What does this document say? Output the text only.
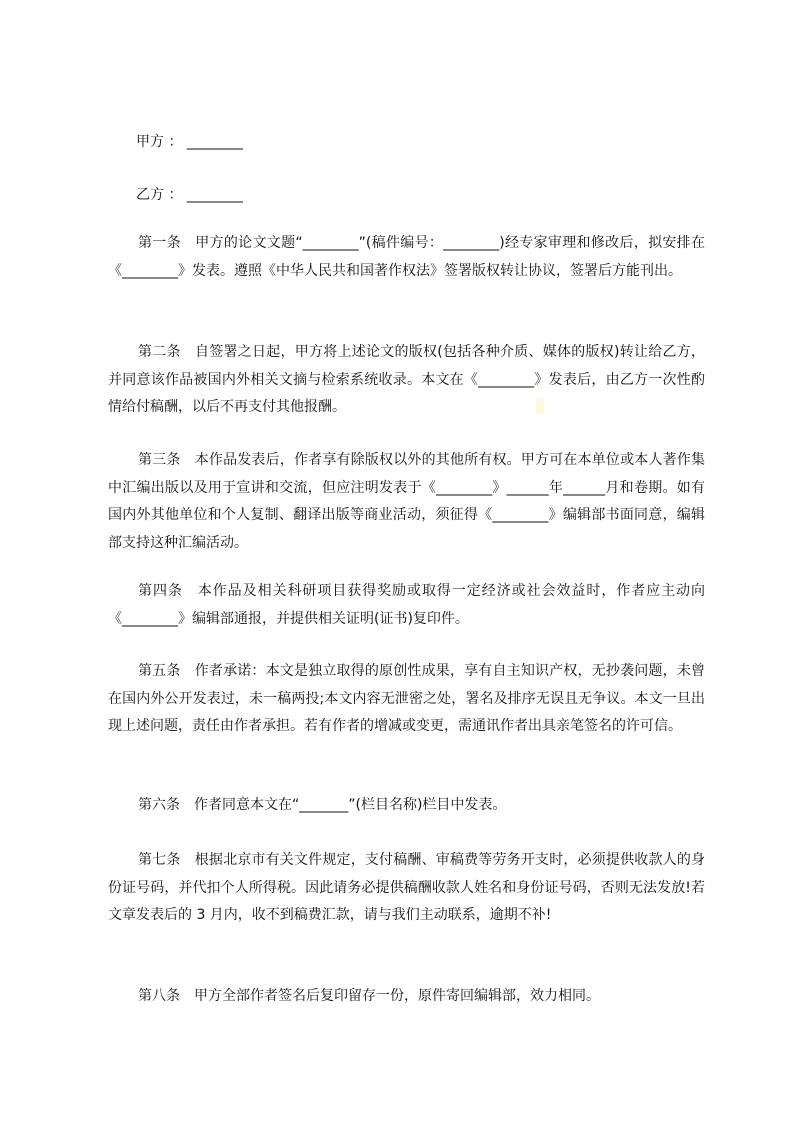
甲方 ： ________
乙方 ： ________

第一条　甲方的论文文题“________”(稿件编号：________)经专家审理和修改后，拟安排在《________》发表。遵照《中华人民共和国著作权法》签署版权转让协议，签署后方能刊出。

第二条　自签署之日起，甲方将上述论文的版权(包括各种介质、媒体的版权)转让给乙方，并同意该作品被国内外相关文摘与检索系统收录。本文在《________》发表后，由乙方一次性酌情给付稿酬，以后不再支付其他报酬。

第三条　本作品发表后，作者享有除版权以外的其他所有权。甲方可在本单位或本人著作集中汇编出版以及用于宣讲和交流，但应注明发表于《________》______年______月和卷期。如有国内外其他单位和个人复制、翻译出版等商业活动，须征得《________》编辑部书面同意，编辑部支持这种汇编活动。

第四条　本作品及相关科研项目获得奖励或取得一定经济或社会效益时，作者应主动向《________》编辑部通报，并提供相关证明(证书)复印件。

第五条　作者承诺：本文是独立取得的原创性成果，享有自主知识产权，无抄袭问题，未曾在国内外公开发表过，未一稿两投;本文内容无泄密之处，署名及排序无误且无争议。本文一旦出现上述问题，责任由作者承担。若有作者的增减或变更，需通讯作者出具亲笔签名的许可信。

第六条　作者同意本文在“_______”(栏目名称)栏目中发表。

第七条　根据北京市有关文件规定，支付稿酬、审稿费等劳务开支时，必须提供收款人的身份证号码，并代扣个人所得税。因此请务必提供稿酬收款人姓名和身份证号码，否则无法发放!若文章发表后的 3 月内，收不到稿费汇款，请与我们主动联系，逾期不补!

第八条　甲方全部作者签名后复印留存一份，原件寄回编辑部，效力相同。
